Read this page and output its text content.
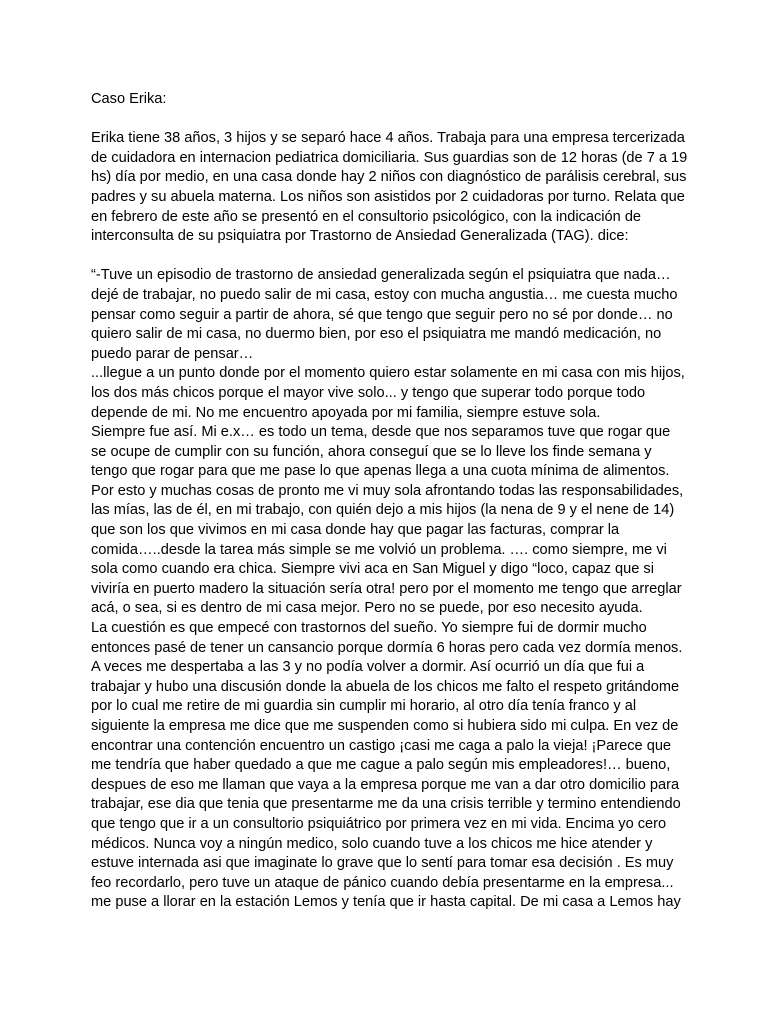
Caso Erika:
Erika tiene 38 años, 3 hijos y se separó hace 4 años. Trabaja para una empresa tercerizada
de cuidadora en internacion pediatrica domiciliaria. Sus guardias son de 12 horas (de 7 a 19
hs) día por medio, en una casa donde hay 2 niños con diagnóstico de parálisis cerebral, sus
padres y su abuela materna. Los niños son asistidos por 2 cuidadoras por turno. Relata que
en febrero de este año se presentó en el consultorio psicológico, con la indicación de
interconsulta de su psiquiatra por Trastorno de Ansiedad Generalizada (TAG). dice:
“-Tuve un episodio de trastorno de ansiedad generalizada según el psiquiatra que nada…
dejé de trabajar, no puedo salir de mi casa, estoy con mucha angustia… me cuesta mucho
pensar como seguir a partir de ahora, sé que tengo que seguir pero no sé por donde… no
quiero salir de mi casa, no duermo bien, por eso el psiquiatra me mandó medicación, no
puedo parar de pensar…
...llegue a un punto donde por el momento quiero estar solamente en mi casa con mis hijos,
los dos más chicos porque el mayor vive solo... y tengo que superar todo porque todo
depende de mi. No me encuentro apoyada por mi familia, siempre estuve sola.
Siempre fue así. Mi e.x… es todo un tema, desde que nos separamos tuve que rogar que
se ocupe de cumplir con su función, ahora conseguí que se lo lleve los finde semana y
tengo que rogar para que me pase lo que apenas llega a una cuota mínima de alimentos.
Por esto y muchas cosas de pronto me vi muy sola afrontando todas las responsabilidades,
las mías, las de él, en mi trabajo, con quién dejo a mis hijos (la nena de 9 y el nene de 14)
que son los que vivimos en mi casa donde hay que pagar las facturas, comprar la
comida…..desde la tarea más simple se me volvió un problema. …. como siempre, me vi
sola como cuando era chica. Siempre vivi aca en San Miguel y digo “loco, capaz que si
viviría en puerto madero la situación sería otra! pero por el momento me tengo que arreglar
acá, o sea, si es dentro de mi casa mejor. Pero no se puede, por eso necesito ayuda.
La cuestión es que empecé con trastornos del sueño. Yo siempre fui de dormir mucho
entonces pasé de tener un cansancio porque dormía 6 horas pero cada vez dormía menos.
A veces me despertaba a las 3 y no podía volver a dormir. Así ocurrió un día que fui a
trabajar y hubo una discusión donde la abuela de los chicos me falto el respeto gritándome
por lo cual me retire de mi guardia sin cumplir mi horario, al otro día tenía franco y al
siguiente la empresa me dice que me suspenden como si hubiera sido mi culpa. En vez de
encontrar una contención encuentro un castigo ¡casi me caga a palo la vieja! ¡Parece que
me tendría que haber quedado a que me cague a palo según mis empleadores!… bueno,
despues de eso me llaman que vaya a la empresa porque me van a dar otro domicilio para
trabajar, ese dia que tenia que presentarme me da una crisis terrible y termino entendiendo
que tengo que ir a un consultorio psiquiátrico por primera vez en mi vida. Encima yo cero
médicos. Nunca voy a ningún medico, solo cuando tuve a los chicos me hice atender y
estuve internada asi que imaginate lo grave que lo sentí para tomar esa decisión . Es muy
feo recordarlo, pero tuve un ataque de pánico cuando debía presentarme en la empresa...
me puse a llorar en la estación Lemos y tenía que ir hasta capital. De mi casa a Lemos hay
